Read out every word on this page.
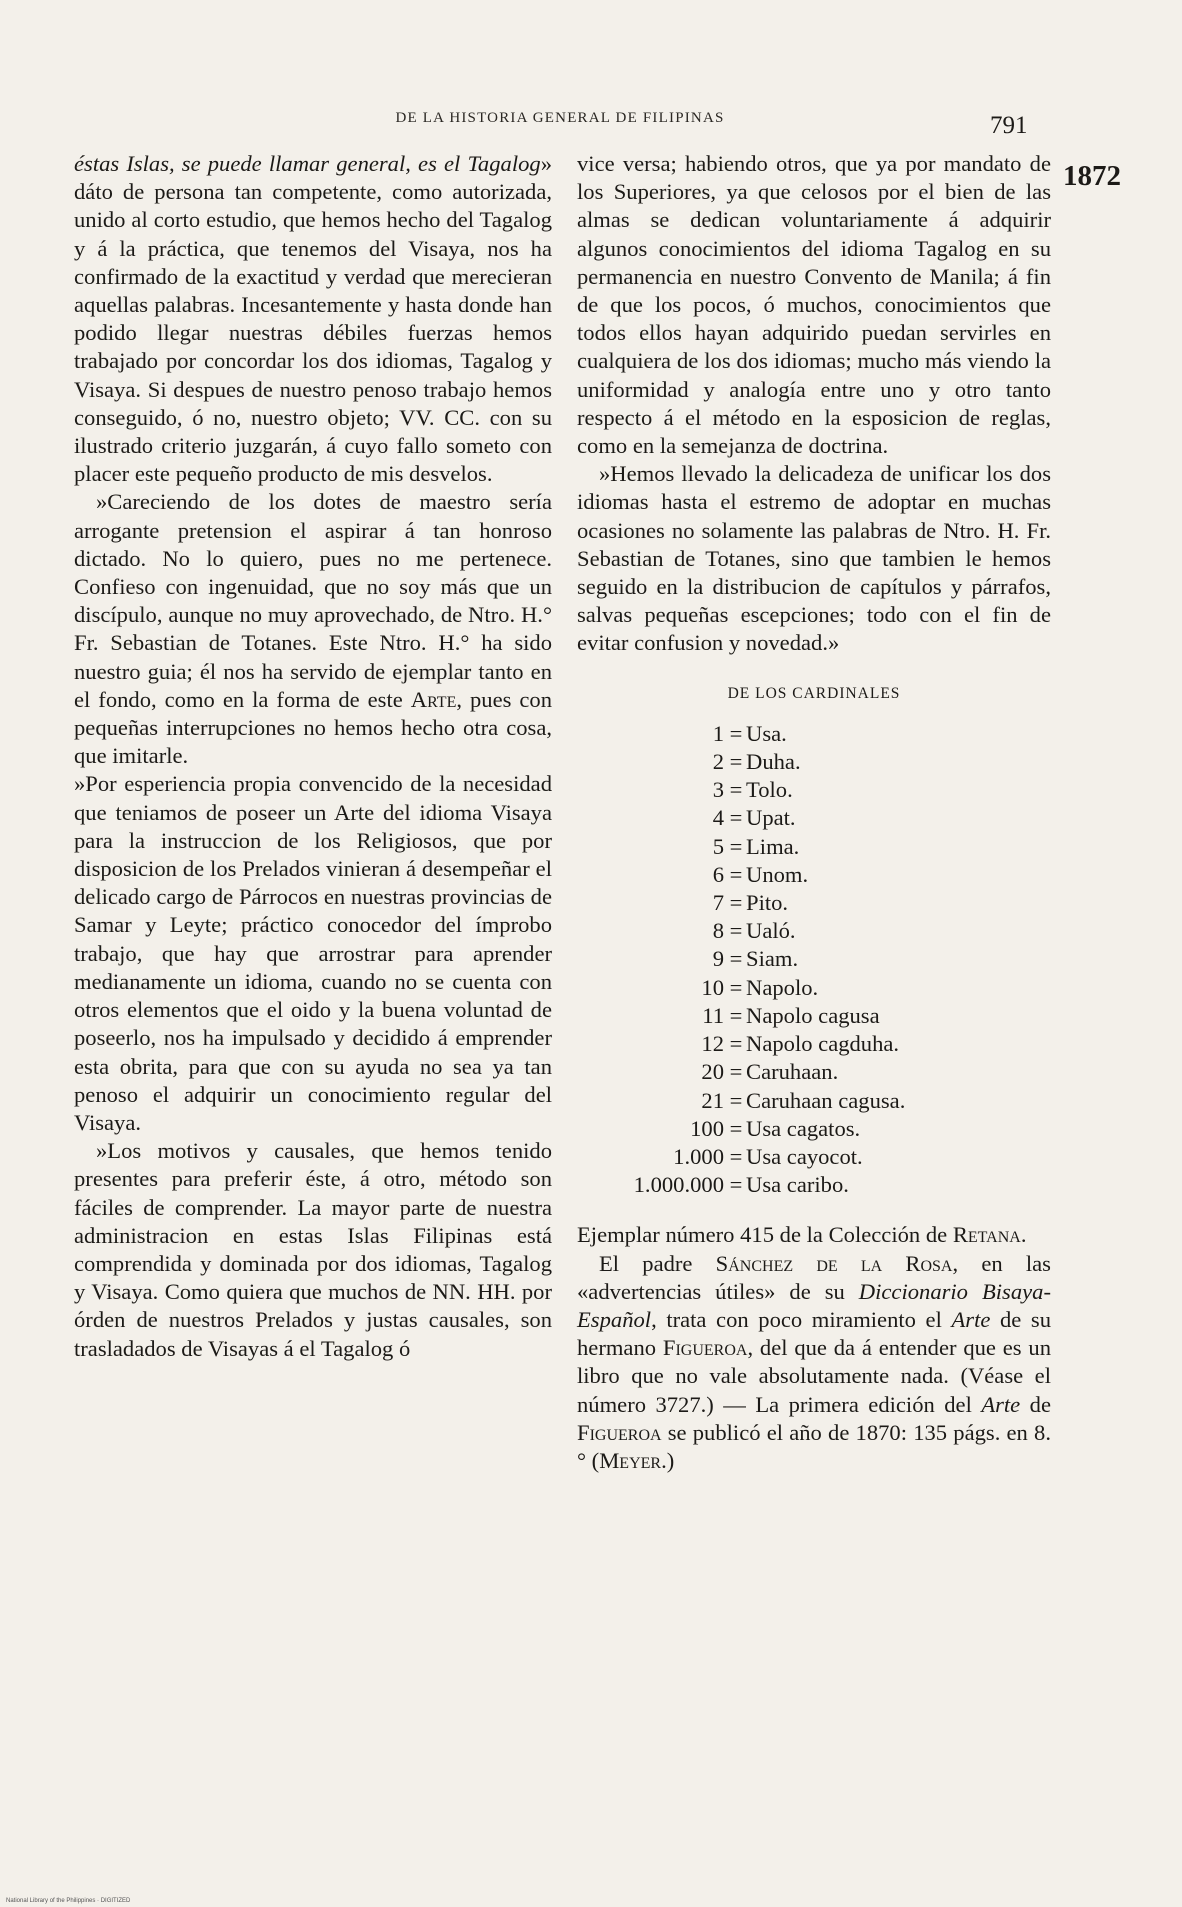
DE LA HISTORIA GENERAL DE FILIPINAS	791
1872

éstas Islas, se puede llamar general, es el Tagalog» dáto de persona tan competente, como autorizada, unido al corto estudio, que hemos hecho del Tagalog y á la práctica, que tenemos del Visaya, nos ha confirmado de la exactitud y verdad que merecieran aquellas palabras. Incesantemente y hasta donde han podido llegar nuestras débiles fuerzas hemos trabajado por concordar los dos idiomas, Tagalog y Visaya. Si despues de nuestro penoso trabajo hemos conseguido, ó no, nuestro objeto; VV. CC. con su ilustrado criterio juzgarán, á cuyo fallo someto con placer este pequeño producto de mis desvelos.

»Careciendo de los dotes de maestro sería arrogante pretension el aspirar á tan honroso dictado. No lo quiero, pues no me pertenece. Confieso con ingenuidad, que no soy más que un discípulo, aunque no muy aprovechado, de Ntro. H.° Fr. Sebastian de Totanes. Este Ntro. H.° ha sido nuestro guia; él nos ha servido de ejemplar tanto en el fondo, como en la forma de este Arte, pues con pequeñas interrupciones no hemos hecho otra cosa, que imitarle.

»Por esperiencia propia convencido de la necesidad que teniamos de poseer un Arte del idioma Visaya para la instruccion de los Religiosos, que por disposicion de los Prelados vinieran á desempeñar el delicado cargo de Párrocos en nuestras provincias de Samar y Leyte; práctico conocedor del ímprobo trabajo, que hay que arrostrar para aprender medianamente un idioma, cuando no se cuenta con otros elementos que el oido y la buena voluntad de poseerlo, nos ha impulsado y decidido á emprender esta obrita, para que con su ayuda no sea ya tan penoso el adquirir un conocimiento regular del Visaya.

»Los motivos y causales, que hemos tenido presentes para preferir éste, á otro, método son fáciles de comprender. La mayor parte de nuestra administracion en estas Islas Filipinas está comprendida y dominada por dos idiomas, Tagalog y Visaya. Como quiera que muchos de NN. HH. por órden de nuestros Prelados y justas causales, son trasladados de Visayas á el Tagalog ó

vice versa; habiendo otros, que ya por mandato de los Superiores, ya que celosos por el bien de las almas se dedican voluntariamente á adquirir algunos conocimientos del idioma Tagalog en su permanencia en nuestro Convento de Manila; á fin de que los pocos, ó muchos, conocimientos que todos ellos hayan adquirido puedan servirles en cualquiera de los dos idiomas; mucho más viendo la uniformidad y analogía entre uno y otro tanto respecto á el método en la esposicion de reglas, como en la semejanza de doctrina.

»Hemos llevado la delicadeza de unificar los dos idiomas hasta el estremo de adoptar en muchas ocasiones no solamente las palabras de Ntro. H. Fr. Sebastian de Totanes, sino que tambien le hemos seguido en la distribucion de capítulos y párrafos, salvas pequeñas escepciones; todo con el fin de evitar confusion y novedad.»

DE LOS CARDINALES

1 = Usa.
2 = Duha.
3 = Tolo.
4 = Upat.
5 = Lima.
6 = Unom.
7 = Pito.
8 = Ualó.
9 = Siam.
10 = Napolo.
11 = Napolo cagusa
12 = Napolo cagduha.
20 = Caruhaan.
21 = Caruhaan cagusa.
100 = Usa cagatos.
1.000 = Usa cayocot.
1.000.000 = Usa caribo.

Ejemplar número 415 de la Colección de Retana.

El padre Sánchez de la Rosa, en las «advertencias útiles» de su Diccionario Bisaya-Español, trata con poco miramiento el Arte de su hermano Figueroa, del que da á entender que es un libro que no vale absolutamente nada. (Véase el número 3727.) — La primera edición del Arte de Figueroa se publicó el año de 1870: 135 págs. en 8.° (Meyer.)

National Library of the Philippines · DIGITIZED
